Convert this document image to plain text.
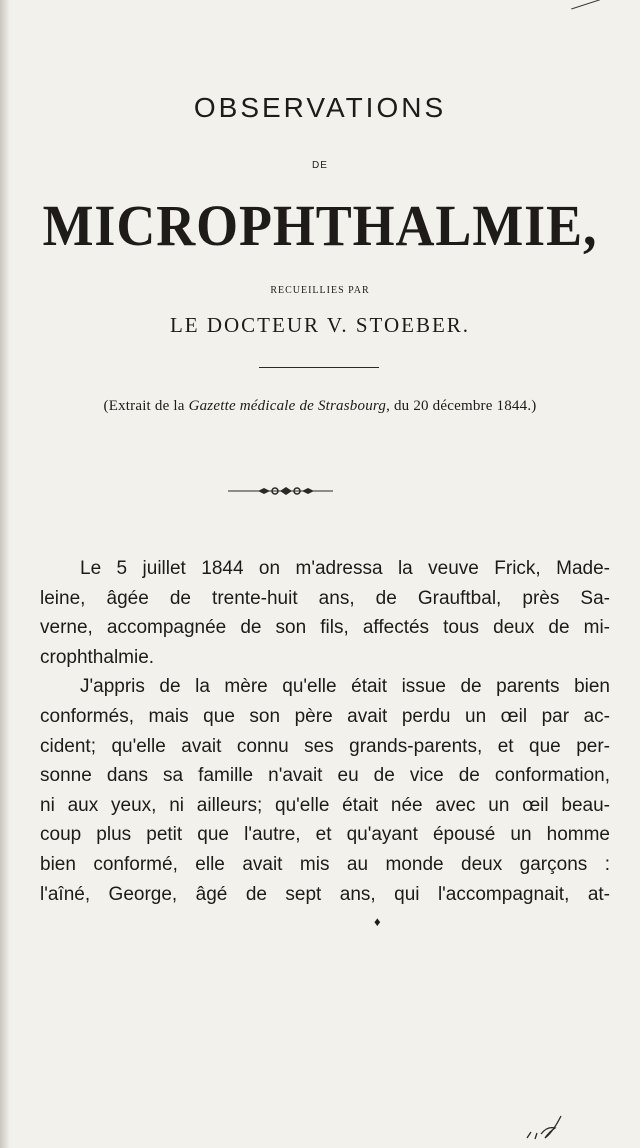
OBSERVATIONS
DE
MICROPHTHALMIE,
RECUEILLIES PAR
LE DOCTEUR V. STOEBER.
(Extrait de la Gazette médicale de Strasbourg, du 20 décembre 1844.)
Le 5 juillet 1844 on m'adressa la veuve Frick, Made-
leine, âgée de trente-huit ans, de Grauftbal, près Sa-
verne, accompagnée de son fils, affectés tous deux de mi-
crophthalmie.
J'appris de la mère qu'elle était issue de parents bien
conformés, mais que son père avait perdu un œil par ac-
cident; qu'elle avait connu ses grands-parents, et que per-
sonne dans sa famille n'avait eu de vice de conformation,
ni aux yeux, ni ailleurs; qu'elle était née avec un œil beau-
coup plus petit que l'autre, et qu'ayant épousé un homme
bien conformé, elle avait mis au monde deux garçons :
l'aîné, George, âgé de sept ans, qui l'accompagnait, at-
♦
